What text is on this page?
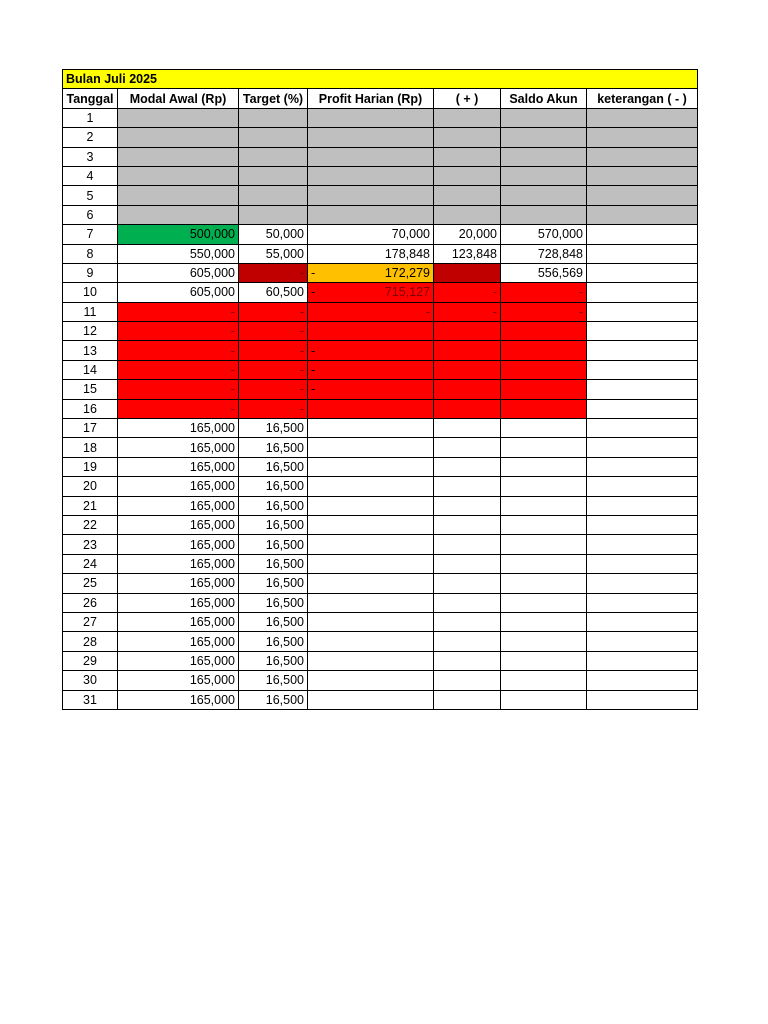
Bulan Juli 2025						
Tanggal	Modal Awal (Rp)	Target (%)	Profit Harian (Rp)	( + )	Saldo Akun	keterangan ( - )
1						
2						
3						
4						
5						
6						
7	500,000	50,000	70,000	20,000	570,000	
8	550,000	55,000	178,848	123,848	728,848	
9	605,000	-	- 172,279		556,569	
10	605,000	60,500	- 715,127	-	-	
11	-	-	-	-	-	
12	-	-				
13	-	-	-			

14	-	-	-			

15	-	-	-			

16	-	-				
17	165,000	16,500				
18	165,000	16,500				
19	165,000	16,500				
20	165,000	16,500				
21	165,000	16,500				
22	165,000	16,500				
23	165,000	16,500				
24	165,000	16,500				
25	165,000	16,500				
26	165,000	16,500				
27	165,000	16,500				
28	165,000	16,500				
29	165,000	16,500				
30	165,000	16,500				
31	165,000	16,500				
